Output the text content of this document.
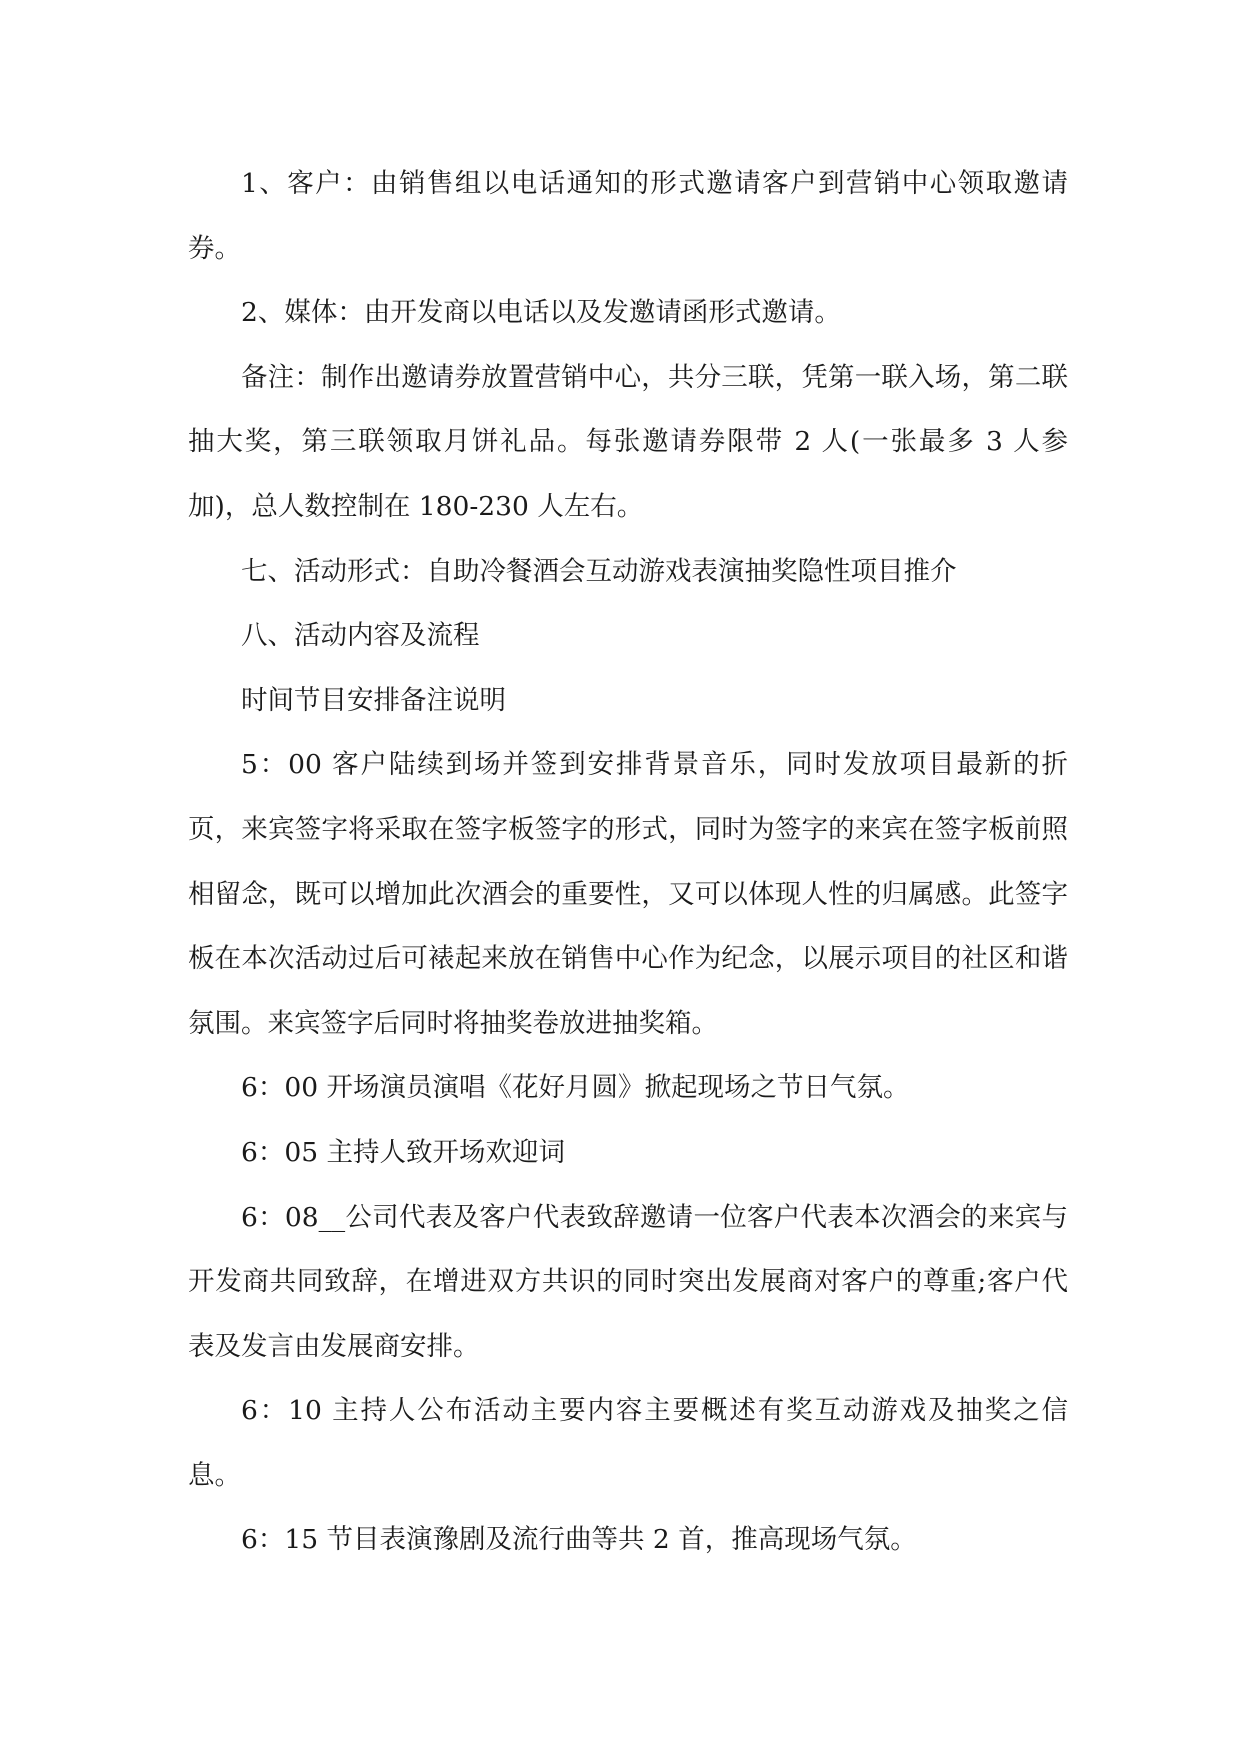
1、客户：由销售组以电话通知的形式邀请客户到营销中心领取邀请券。

2、媒体：由开发商以电话以及发邀请函形式邀请。

备注：制作出邀请券放置营销中心，共分三联，凭第一联入场，第二联抽大奖，第三联领取月饼礼品。每张邀请券限带 2 人(一张最多 3 人参加)，总人数控制在 180-230 人左右。

七、活动形式：自助冷餐酒会互动游戏表演抽奖隐性项目推介

八、活动内容及流程

时间节目安排备注说明

5：00 客户陆续到场并签到安排背景音乐，同时发放项目最新的折页，来宾签字将采取在签字板签字的形式，同时为签字的来宾在签字板前照相留念，既可以增加此次酒会的重要性，又可以体现人性的归属感。此签字板在本次活动过后可裱起来放在销售中心作为纪念，以展示项目的社区和谐氛围。来宾签字后同时将抽奖卷放进抽奖箱。

6：00 开场演员演唱《花好月圆》掀起现场之节日气氛。

6：05 主持人致开场欢迎词

6：08__公司代表及客户代表致辞邀请一位客户代表本次酒会的来宾与开发商共同致辞，在增进双方共识的同时突出发展商对客户的尊重;客户代表及发言由发展商安排。

6：10 主持人公布活动主要内容主要概述有奖互动游戏及抽奖之信息。

6：15 节目表演豫剧及流行曲等共 2 首，推高现场气氛。
